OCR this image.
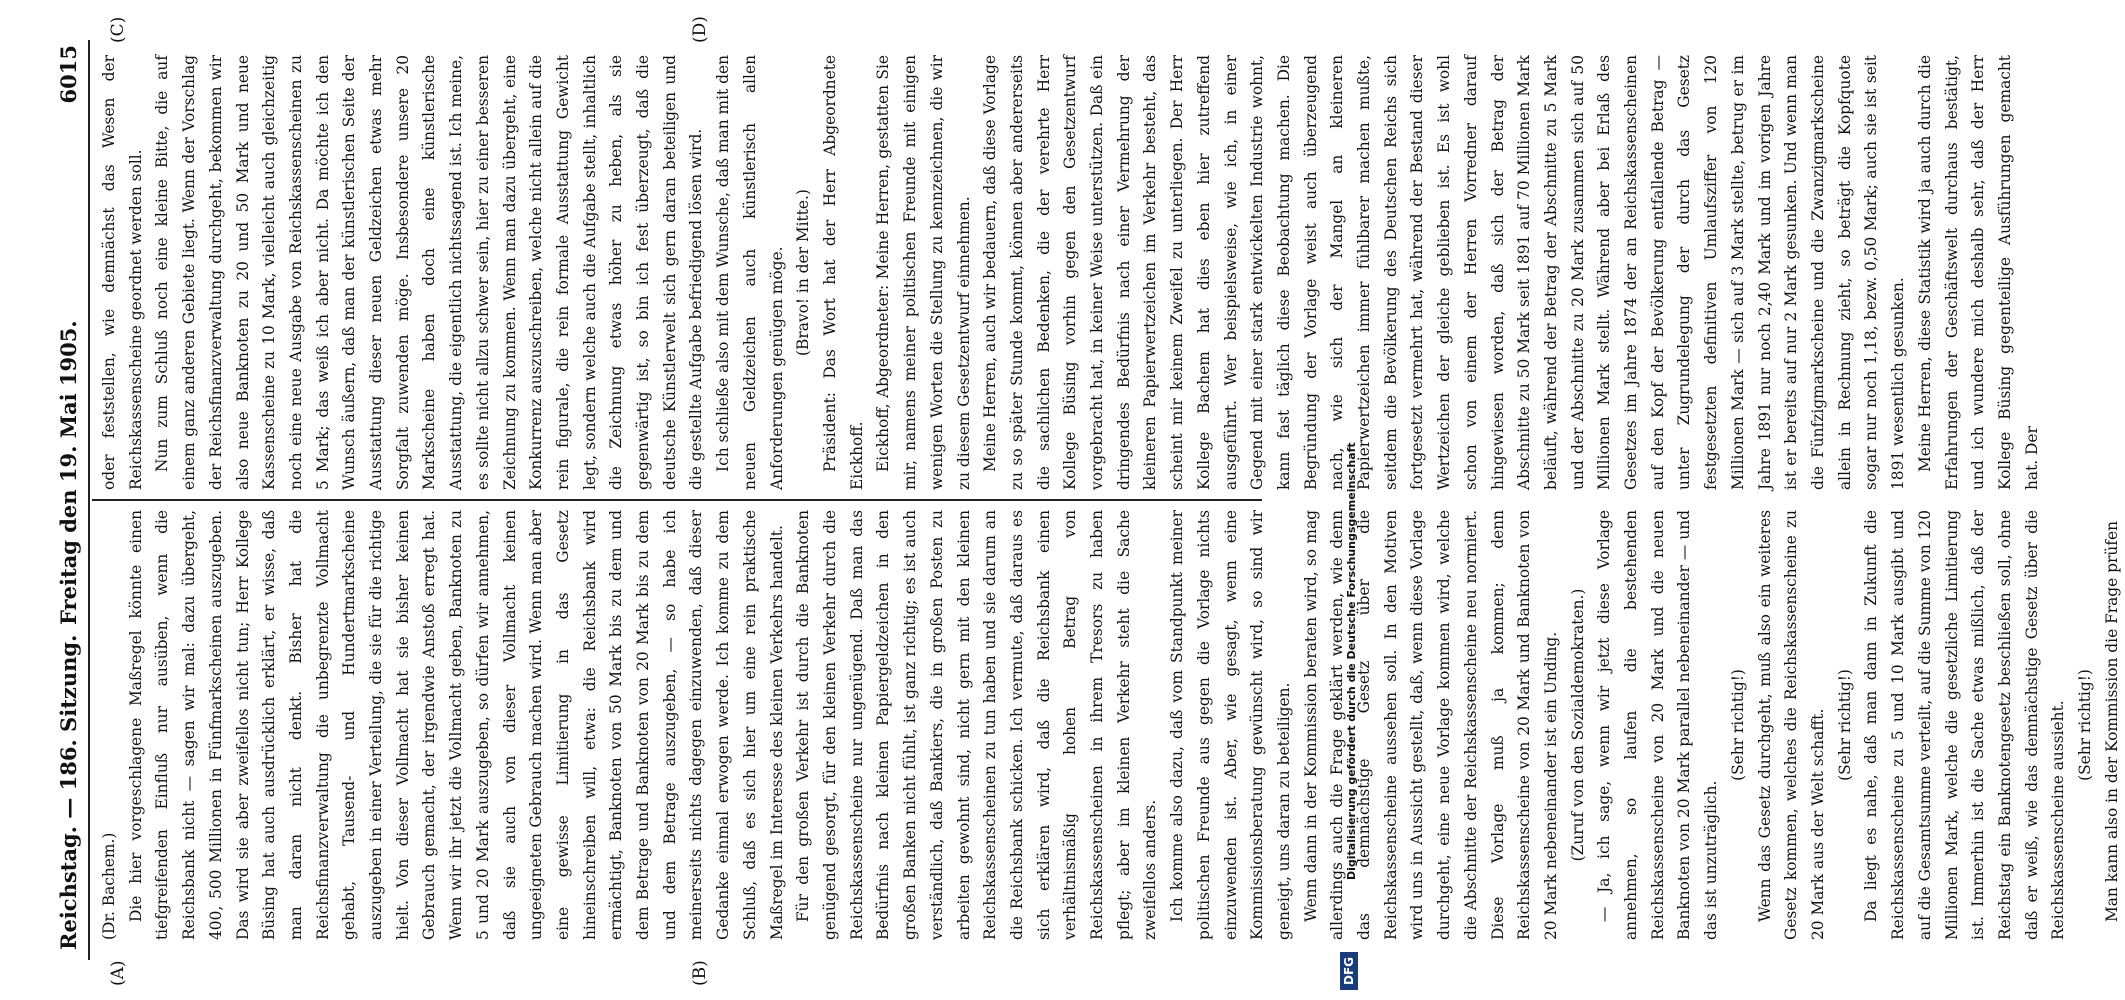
Reichstag. — 186. Sitzung.
Freitag den 19. Mai 1905.
6015
(A)	(B)
(C)	(D)

(Dr. Bachem.) Die hier vorgeschlagene Maßregel könnte einen tiefgreifenden Einfluß nur ausüben, wenn die Reichsbank nicht — sagen wir mal: dazu übergeht, 400, 500 Millionen in Fünfmarkscheinen auszugeben. Das wird sie aber zweifellos nicht tun; Herr Kollege Büsing hat auch ausdrücklich erklärt, er wisse, daß man daran nicht denkt. Bisher hat die Reichsfinanzverwaltung die unbegrenzte Vollmacht gehabt, Tausend- und Hundertmarkscheine auszugeben in einer Verteilung, die sie für die richtige hielt. Von dieser Vollmacht hat sie bisher keinen Gebrauch gemacht, der irgendwie Anstoß erregt hat. Wenn wir ihr jetzt die Vollmacht geben, Banknoten zu 5 und 20 Mark auszugeben, so dürfen wir annehmen, daß sie auch von dieser Vollmacht keinen ungeeigneten Gebrauch machen wird. Wenn man aber eine gewisse Limitierung in das Gesetz hineinschreiben will, etwa: die Reichsbank wird ermächtigt, Banknoten von 50 Mark bis zu dem und dem Betrage und Banknoten von 20 Mark bis zu dem und dem Betrage auszugeben, — so habe ich meinerseits nichts dagegen einzuwenden, daß dieser Gedanke einmal erwogen werde. Ich komme zu dem Schluß, daß es sich hier um eine rein praktische Maßregel im Interesse des kleinen Verkehrs handelt. Für den großen Verkehr ist durch die Banknoten genügend gesorgt, für den kleinen Verkehr durch die Reichskassenscheine nur ungenügend. Daß man das Bedürfnis nach kleinen Papiergeldzeichen in den großen Banken nicht fühlt, ist ganz richtig; es ist auch verständlich, daß Bankiers, die in großen Posten zu arbeiten gewohnt sind, nicht gern mit den kleinen Reichskassenscheinen zu tun haben und sie darum an die Reichsbank schicken. Ich vermute, daß daraus es sich erklären wird, daß die Reichsbank einen verhältnismäßig hohen Betrag von Reichskassenscheinen in ihrem Tresors zu haben pflegt; aber im kleinen Verkehr steht die Sache zweifellos anders. Ich komme also dazu, daß vom Standpunkt meiner politischen Freunde aus gegen die Vorlage nichts einzuwenden ist. Aber, wie gesagt, wenn eine Kommissionsberatung gewünscht wird, so sind wir geneigt, uns daran zu beteiligen. Wenn dann in der Kommission beraten wird, so mag allerdings auch die Frage geklärt werden, wie denn das demnächstige Gesetz über die Reichskassenscheine aussehen soll. In den Motiven wird uns in Aussicht gestellt, daß, wenn diese Vorlage durchgeht, eine neue Vorlage kommen wird, welche die Abschnitte der Reichskassenscheine neu normiert. Diese Vorlage muß ja kommen; denn Reichskassenscheine von 20 Mark und Banknoten von 20 Mark nebeneinander ist ein Unding. (Zuruf von den Sozialdemokraten.) — Ja, ich sage, wenn wir jetzt diese Vorlage annehmen, so laufen die bestehenden Reichskassenscheine von 20 Mark und die neuen Banknoten von 20 Mark parallel nebeneinander — und das ist unzuträglich.

(Sehr richtig!) Wenn das Gesetz durchgeht, muß also ein weiteres Gesetz kommen, welches die Reichskassenscheine zu 20 Mark aus der Welt schafft. (Sehr richtig!) Da liegt es nahe, daß man dann in Zukunft die Reichskassenscheine zu 5 und 10 Mark ausgibt und auf die Gesamtsumme verteilt, auf die Summe von 120 Millionen Mark, welche die gesetzliche Limitierung ist. Immerhin ist die Sache etwas mißlich, daß der Reichstag ein Banknotengesetz beschließen soll, ohne daß er weiß, wie das demnächstige Gesetz über die Reichskassenscheine aussieht. (Sehr richtig!) Man kann also in der Kommission die Frage prüfen

oder feststellen, wie demnächst das Wesen der Reichskassenscheine geordnet werden soll. Nun zum Schluß noch eine kleine Bitte, die auf einem ganz anderen Gebiete liegt. Wenn der Vorschlag der Reichsfinanzverwaltung durchgeht, bekommen wir also neue Banknoten zu 20 und 50 Mark und neue Kassenscheine zu 10 Mark, vielleicht auch gleichzeitig noch eine neue Ausgabe von Reichskassenscheinen zu 5 Mark; das weiß ich aber nicht. Da möchte ich den Wunsch äußern, daß man der künstlerischen Seite der Ausstattung dieser neuen Geldzeichen etwas mehr Sorgfalt zuwenden möge. Insbesondere unsere 20 Markscheine haben doch eine künstlerische Ausstattung, die eigentlich nichtssagend ist. Ich meine, es sollte nicht allzu schwer sein, hier zu einer besseren Zeichnung zu kommen. Wenn man dazu übergeht, eine Konkurrenz auszuschreiben, welche nicht allein auf die rein figurale, die rein formale Ausstattung Gewicht legt, sondern welche auch die Aufgabe stellt, inhaltlich die Zeichnung etwas höher zu heben, als sie gegenwärtig ist, so bin ich fest überzeugt, daß die deutsche Künstlerwelt sich gern daran beteiligen und die gestellte Aufgabe befriedigend lösen wird. Ich schließe also mit dem Wunsche, daß man mit den neuen Geldzeichen auch künstlerisch allen Anforderungen genügen möge. (Bravo! in der Mitte.) Präsident: Das Wort hat der Herr Abgeordnete Eickhoff. Eickhoff, Abgeordneter: Meine Herren, gestatten Sie mir, namens meiner politischen Freunde mit einigen wenigen Worten die Stellung zu kennzeichnen, die wir zu diesem Gesetzentwurf einnehmen. Meine Herren, auch wir bedauern, daß diese Vorlage zu so später Stunde kommt, können aber andererseits die sachlichen Bedenken, die der verehrte Herr Kollege Büsing vorhin gegen den Gesetzentwurf vorgebracht hat, in keiner Weise unterstützen. Daß ein dringendes Bedürfnis nach einer Vermehrung der kleineren Papierwertzeichen im Verkehr besteht, das scheint mir keinem Zweifel zu unterliegen. Der Herr Kollege Bachem hat dies eben hier zutreffend ausgeführt. Wer beispielsweise, wie ich, in einer Gegend mit einer stark entwickelten Industrie wohnt, kann fast täglich diese Beobachtung machen. Die Begründung der Vorlage weist auch überzeugend nach, wie sich der Mangel an kleineren Papierwertzeichen immer fühlbarer machen mußte, seitdem die Bevölkerung des Deutschen Reichs sich fortgesetzt vermehrt hat, während der Bestand dieser Wertzeichen der gleiche geblieben ist. Es ist wohl schon von einem der Herren Vorredner darauf hingewiesen worden, daß sich der Betrag der Abschnitte zu 50 Mark seit 1891 auf 70 Millionen Mark beläuft, während der Betrag der Abschnitte zu 5 Mark und der Abschnitte zu 20 Mark zusammen sich auf 50 Millionen Mark stellt. Während aber bei Erlaß des Gesetzes im Jahre 1874 der an Reichskassenscheinen auf den Kopf der Bevölkerung entfallende Betrag — unter Zugrundelegung der durch das Gesetz festgesetzten definitiven Umlaufsziffer von 120 Millionen Mark — sich auf 3 Mark stellte, betrug er im Jahre 1891 nur noch 2,40 Mark und im vorigen Jahre ist er bereits auf nur 2 Mark gesunken. Und wenn man die Fünfzigmarkscheine und die Zwanzigmarkscheine allein in Rechnung zieht, so beträgt die Kopfquote sogar nur noch 1,18, bezw. 0,50 Mark; auch sie ist seit 1891 wesentlich gesunken. Meine Herren, diese Statistik wird ja auch durch die Erfahrungen der Geschäftswelt durchaus bestätigt, und ich wundere mich deshalb sehr, daß der Herr Kollege Büsing gegenteilige Ausführungen gemacht hat. Der

DFG
Digitalisierung gefördert durch die Deutsche Forschungsgemeinschaft
